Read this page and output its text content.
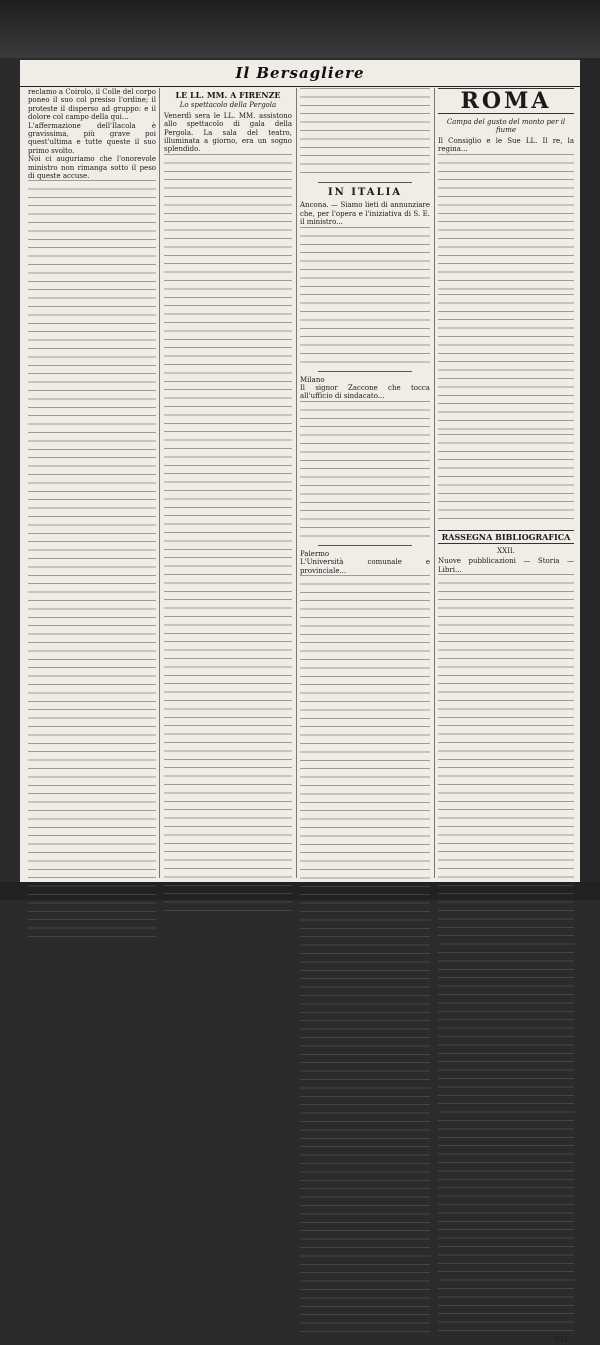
Il Bersagliere
reclamo a Coirolo, il Colle del corpo poneo il suo col presiso l'ordine; il proteste il disperso ad gruppo: e il dolore col campo della qui...
L'affermazione dell'Ilacola è gravissima, più grave poi quest'ultima e tutte queste il suo primo svolto.
Noi ci auguriamo che l'onorevole ministro non rimanga sotto il peso di queste accuse.
LE LL. MM. A FIRENZE
Lo spettacolo della Pergola
Venerdì sera le LL. MM. assistono allo spettacolo di gala della Pergola. La sala del teatro, illuminata a giorno, era un sogno splendido.
IN ITALIA
Ancona. — Siamo lieti di annunziare che, per l'opera e l'iniziativa di S. E. il ministro...
Milano
Il signor Zaccone che tocca all'ufficio di sindacato...
Palermo
L'Università comunale e provinciale...
ROMA
Campa del gusto del monto per il fiume
Il Consiglio e le Sue LL. Il re, la regina...
RASSEGNA BIBLIOGRAFICA
XXII.
Nuove pubblicazioni — Storia — Libri...
ELY.
